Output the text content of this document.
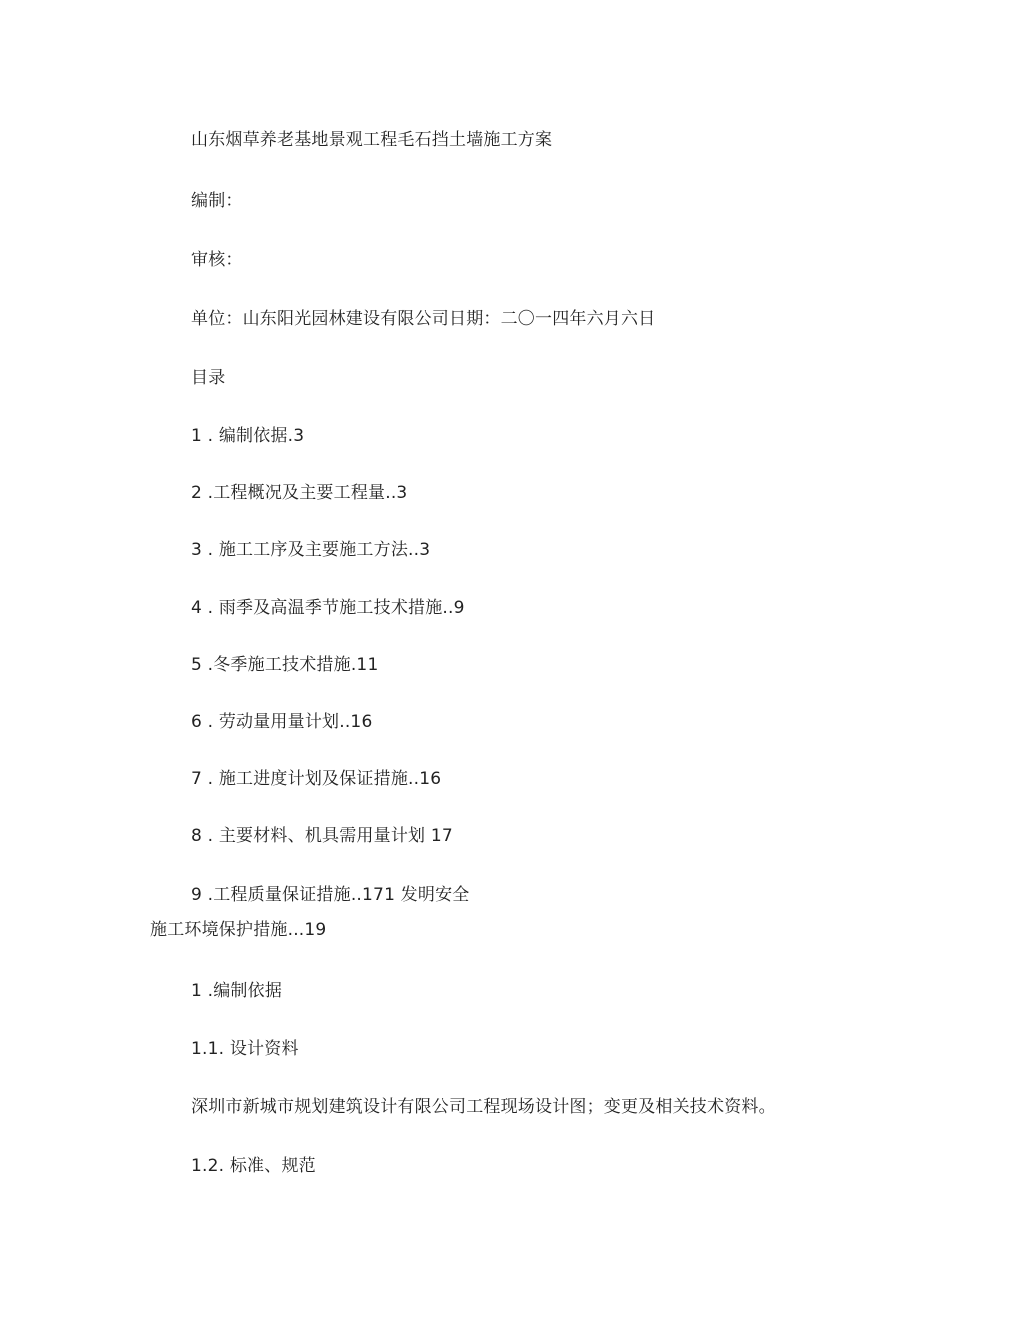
山东烟草养老基地景观工程毛石挡土墙施工方案
编制：
审核：
单位：山东阳光园林建设有限公司日期：二〇一四年六月六日
目录
1 . 编制依据.3
2 .工程概况及主要工程量..3
3 . 施工工序及主要施工方法..3
4 . 雨季及高温季节施工技术措施..9
5 .冬季施工技术措施.11
6 . 劳动量用量计划..16
7 . 施工进度计划及保证措施..16
8 . 主要材料、机具需用量计划 17
9 .工程质量保证措施..171 发明安全
施工环境保护措施...19
1 .编制依据
1.1. 设计资料
深圳市新城市规划建筑设计有限公司工程现场设计图；变更及相关技术资料。
1.2. 标准、规范
